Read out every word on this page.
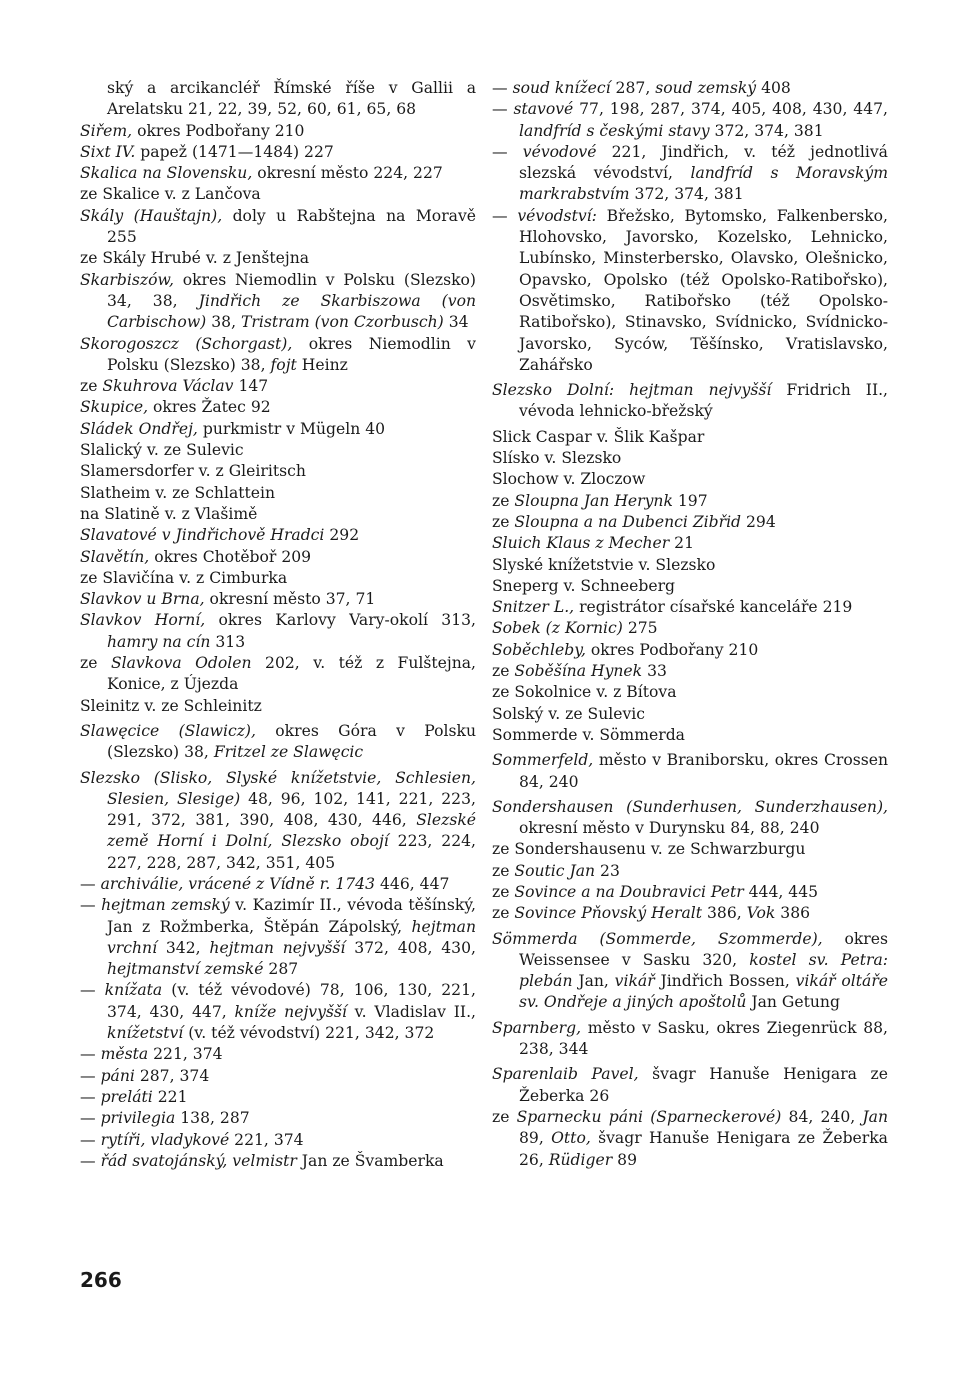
ský a arcikancléř Římské říše v Gallii a Arelatsku 21, 22, 39, 52, 60, 61, 65, 68

Siřem, okres Podbořany 210

Sixt IV. papež (1471—1484) 227

Skalica na Slovensku, okresní město 224, 227

ze Skalice v. z Lančova

Skály (Hauštajn), doly u Rabštejna na Moravě 255

ze Skály Hrubé v. z Jenštejna

Skarbiszów, okres Niemodlin v Polsku (Slezsko) 34, 38, Jindřich ze Skarbiszowa (von Carbischow) 38, Tristram (von Czorbusch) 34

Skorogoszcz (Schorgast), okres Niemodlin v Polsku (Slezsko) 38, fojt Heinz

ze Skuhrova Václav 147

Skupice, okres Žatec 92

Sládek Ondřej, purkmistr v Mügeln 40

Slalický v. ze Sulevic

Slamersdorfer v. z Gleiritsch

Slatheim v. ze Schlattein

na Slatině v. z Vlašimě

Slavatové v Jindřichově Hradci 292

Slavětín, okres Chotěboř 209

ze Slavičína v. z Cimburka

Slavkov u Brna, okresní město 37, 71

Slavkov Horní, okres Karlovy Vary-okolí 313, hamry na cín 313

ze Slavkova Odolen 202, v. též z Fulštejna, Konice, z Újezda

Sleinitz v. ze Schleinitz

Slawęcice (Slawicz), okres Góra v Polsku (Slezsko) 38, Fritzel ze Slawęcic

Slezsko (Slisko, Slyské knížetstvie, Schlesien, Slesien, Slesige) 48, 96, 102, 141, 221, 223, 291, 372, 381, 390, 408, 430, 446, Slezské země Horní i Dolní, Slezsko obojí 223, 224, 227, 228, 287, 342, 351, 405

— archiválie, vrácené z Vídně r. 1743 446, 447

— hejtman zemský v. Kazimír II., vévoda těšínský, Jan z Rožmberka, Štěpán Zápolský, hejtman vrchní 342, hejtman nejvyšší 372, 408, 430, hejtmanství zemské 287

— knížata (v. též vévodové) 78, 106, 130, 221, 374, 430, 447, kníže nejvyšší v. Vladislav II., knížetství (v. též vévodství) 221, 342, 372

— města 221, 374

— páni 287, 374

— preláti 221

— privilegia 138, 287

— rytíři, vladykové 221, 374

— řád svatojánský, velmistr Jan ze Švamberka

— soud knížecí 287, soud zemský 408

— stavové 77, 198, 287, 374, 405, 408, 430, 447, landfríd s českými stavy 372, 374, 381

— vévodové 221, Jindřich, v. též jednotlivá slezská vévodství, landfríd s Moravským markrabstvím 372, 374, 381

— vévodství: Břežsko, Bytomsko, Falkenbersko, Hlohovsko, Javorsko, Kozelsko, Lehnicko, Lubínsko, Minsterbersko, Olavsko, Olešnicko, Opavsko, Opolsko (též Opolsko-Ratibořsko), Osvětimsko, Ratibořsko (též Opolsko-Ratibořsko), Stinavsko, Svídnicko, Svídnicko-Javorsko, Syców, Těšínsko, Vratislavsko, Zahářsko

Slezsko Dolní: hejtman nejvyšší Fridrich II., vévoda lehnicko-břežský

Slick Caspar v. Šlik Kašpar

Slísko v. Slezsko

Slochow v. Zloczow

ze Sloupna Jan Herynk 197

ze Sloupna a na Dubenci Zibřid 294

Sluich Klaus z Mecher 21

Slyské knížetstvie v. Slezsko

Sneperg v. Schneeberg

Snitzer L., registrátor císařské kanceláře 219

Sobek (z Kornic) 275

Soběchleby, okres Podbořany 210

ze Soběšína Hynek 33

ze Sokolnice v. z Bítova

Solský v. ze Sulevic

Sommerde v. Sömmerda

Sommerfeld, město v Braniborsku, okres Crossen 84, 240

Sondershausen (Sunderhusen, Sunderzhausen), okresní město v Durynsku 84, 88, 240

ze Sondershausenu v. ze Schwarzburgu

ze Soutic Jan 23

ze Sovince a na Doubravici Petr 444, 445

ze Sovince Pňovský Heralt 386, Vok 386

Sömmerda (Sommerde, Szommerde), okres Weissensee v Sasku 320, kostel sv. Petra: plebán Jan, vikář Jindřich Bossen, vikář oltáře sv. Ondřeje a jiných apoštolů Jan Getung

Sparnberg, město v Sasku, okres Ziegenrück 88, 238, 344

Sparenlaib Pavel, švagr Hanuše Henigara ze Žeberka 26

ze Sparnecku páni (Sparneckerové) 84, 240, Jan 89, Otto, švagr Hanuše Henigara ze Žeberka 26, Rüdiger 89

266
